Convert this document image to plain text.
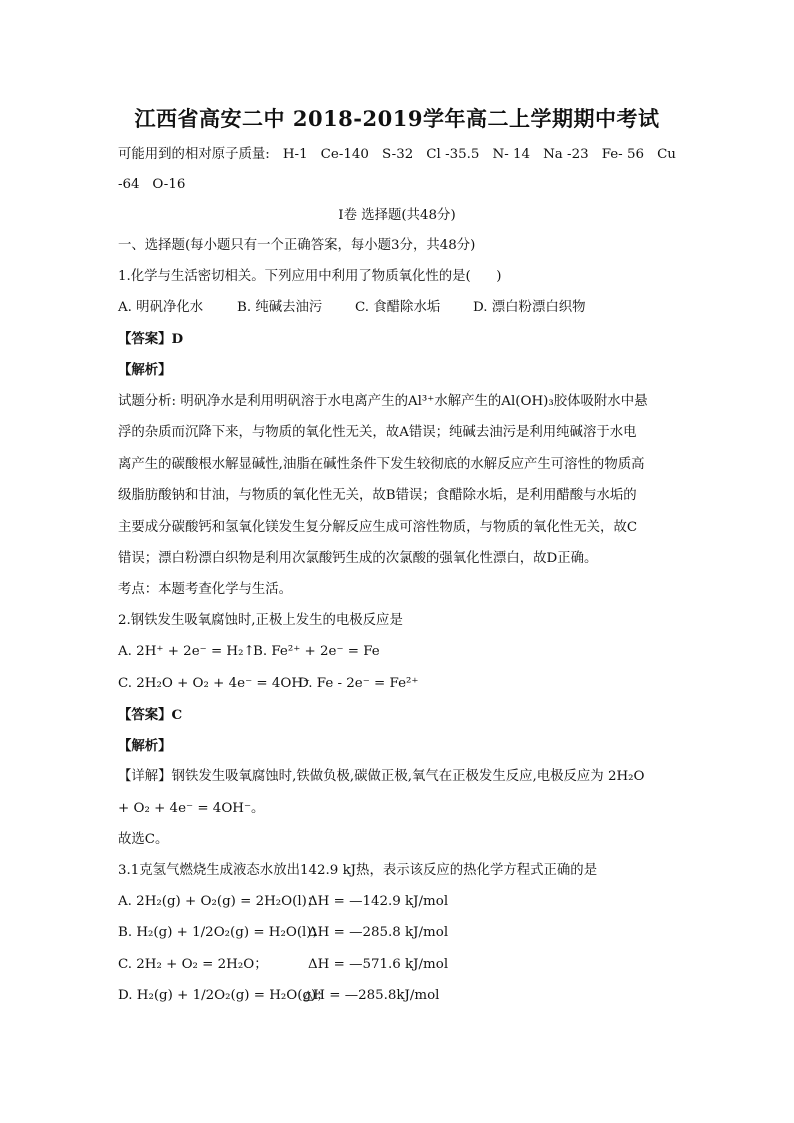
江西省高安二中 2018-2019学年高二上学期期中考试
可能用到的相对原子质量: H-1 Ce-140 S-32 Cl -35.5 N- 14 Na -23 Fe- 56 Cu
-64   O-16
Ⅰ卷 选择题(共48分)
一、选择题(每小题只有一个正确答案，每小题3分，共48分)
1.化学与生活密切相关。下列应用中利用了物质氧化性的是(      )
A. 明矾净化水	B. 纯碱去油污 C. 食醋除水垢 D. 漂白粉漂白织物
【答案】D
【解析】
试题分析: 明矾净水是利用明矾溶于水电离产生的Al³⁺水解产生的Al(OH)₃胶体吸附水中悬
浮的杂质而沉降下来，与物质的氧化性无关，故A错误；纯碱去油污是利用纯碱溶于水电
离产生的碳酸根水解显碱性,油脂在碱性条件下发生较彻底的水解反应产生可溶性的物质高
级脂肪酸钠和甘油，与物质的氧化性无关，故B错误；食醋除水垢，是利用醋酸与水垢的
主要成分碳酸钙和氢氧化镁发生复分解反应生成可溶性物质，与物质的氧化性无关，故C
错误；漂白粉漂白织物是利用次氯酸钙生成的次氯酸的强氧化性漂白，故D正确。
考点：本题考查化学与生活。
2.钢铁发生吸氧腐蚀时,正极上发生的电极反应是
A. 2H⁺ + 2e⁻ = H₂↑B. Fe²⁺ + 2e⁻ = Fe
C. 2H₂O + O₂ + 4e⁻ = 4OH⁻D. Fe - 2e⁻ = Fe²⁺
【答案】C
【解析】
【详解】钢铁发生吸氧腐蚀时,铁做负极,碳做正极,氧气在正极发生反应,电极反应为 2H₂O
+ O₂ + 4e⁻ = 4OH⁻。
故选C。
3.1克氢气燃烧生成液态水放出142.9 kJ热，表示该反应的热化学方程式正确的是
A. 2H₂(g) + O₂(g) = 2H₂O(l)；ΔH = —142.9 kJ/mol
B. H₂(g) + 1/2O₂(g) = H₂O(l)；ΔH = —285.8 kJ/mol
C. 2H₂ + O₂ = 2H₂O；	ΔH = —571.6 kJ/mol
D. H₂(g) + 1/2O₂(g) = H₂O(g)；△H = —285.8kJ/mol
